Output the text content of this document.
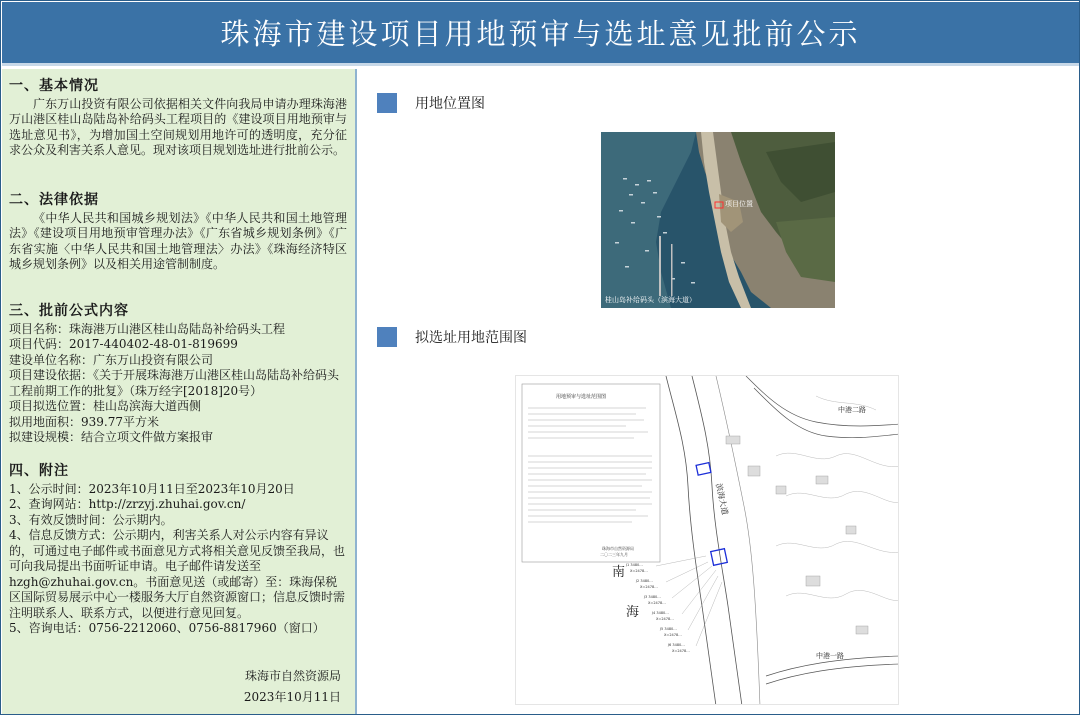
珠海市建设项目用地预审与选址意见批前公示
一、基本情况

广东万山投资有限公司依据相关文件向我局申请办理珠海港万山港区桂山岛陆岛补给码头工程项目的《建设项目用地预审与选址意见书》，为增加国土空间规划用地许可的透明度，充分征求公众及利害关系人意见。现对该项目规划选址进行批前公示。

二、法律依据

《中华人民共和国城乡规划法》《中华人民共和国土地管理法》《建设项目用地预审管理办法》《广东省城乡规划条例》《广东省实施〈中华人民共和国土地管理法〉办法》《珠海经济特区城乡规划条例》以及相关用途管制制度。

三、批前公式内容
项目名称：珠海港万山港区桂山岛陆岛补给码头工程
项目代码：2017-440402-48-01-819699
建设单位名称：广东万山投资有限公司
项目建设依据：《关于开展珠海港万山港区桂山岛陆岛补给码头工程前期工作的批复》（珠万经字[2018]20号）
项目拟选位置：桂山岛滨海大道西侧
拟用地面积：939.77平方米
拟建设规模：结合立项文件做方案报审
四、附注
1、公示时间：2023年10月11日至2023年10月20日
2、查询网站：http://zrzyj.zhuhai.gov.cn/
3、有效反馈时间：公示期内。
4、信息反馈方式：公示期内，利害关系人对公示内容有异议的，可通过电子邮件或书面意见方式将相关意见反馈至我局，也可向我局提出书面听证申请。电子邮件请发送至hzgh@zhuhai.gov.cn。书面意见送（或邮寄）至：珠海保税区国际贸易展示中心一楼服务大厅自然资源窗口；信息反馈时需注明联系人、联系方式，以便进行意见回复。
5、咨询电话：0756-2212060、0756-8817960（窗口）
珠海市自然资源局
2023年10月11日
用地位置图
项目位置
桂山岛补给码头（滨海大道）
拟选址用地范围图
用地预审与选址范围图
珠海市自然资源局
二〇二三年九月
J1 3480…
X=2478…
J2 3480…
X=2478…
J3 3480…
X=2478…
J4 3480…
X=2478…
J5 3480…
X=2478…
J6 3480…
X=2478…
南
海
中港二路
中港一路
滨海大道
